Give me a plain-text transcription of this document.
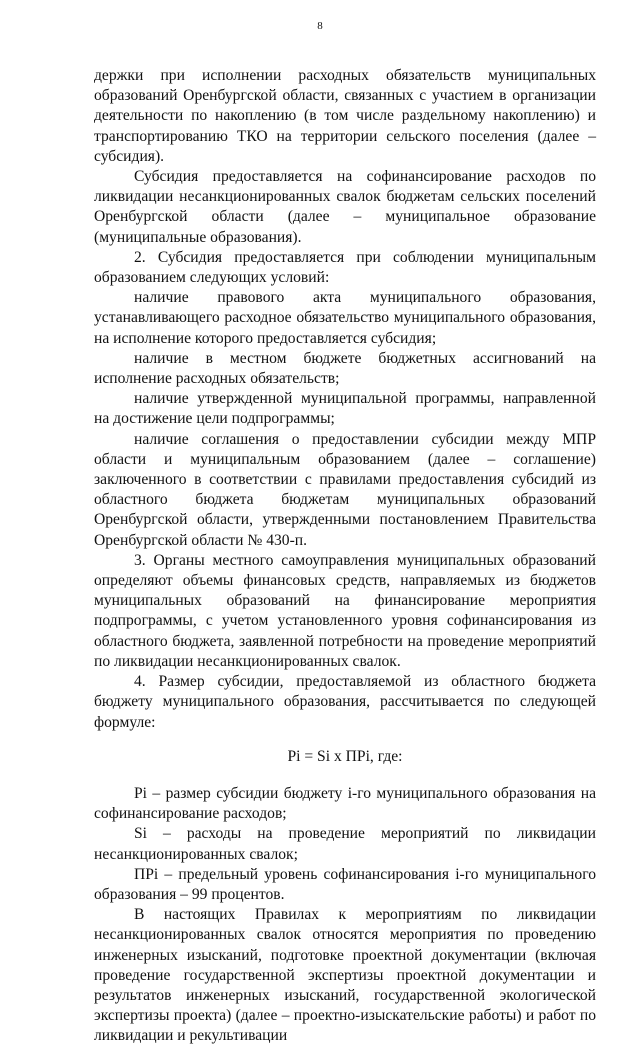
8

держки при исполнении расходных обязательств муниципальных образований Оренбургской области, связанных с участием в организации деятельности по накоплению (в том числе раздельному накоплению) и транспортированию ТКО на территории сельского поселения (далее – субсидия).

Субсидия предоставляется на софинансирование расходов по ликвидации несанкционированных свалок бюджетам сельских поселений Оренбургской области (далее – муниципальное образование (муниципальные образования).

2. Субсидия предоставляется при соблюдении муниципальным образованием следующих условий:

наличие правового акта муниципального образования, устанавливающего расходное обязательство муниципального образования, на исполнение которого предоставляется субсидия;

наличие в местном бюджете бюджетных ассигнований на исполнение расходных обязательств;

наличие утвержденной муниципальной программы, направленной на достижение цели подпрограммы;

наличие соглашения о предоставлении субсидии между МПР области и муниципальным образованием (далее – соглашение) заключенного в соответствии с правилами предоставления субсидий из областного бюджета бюджетам муниципальных образований Оренбургской области, утвержденными постановлением Правительства Оренбургской области № 430-п.

3. Органы местного самоуправления муниципальных образований определяют объемы финансовых средств, направляемых из бюджетов муниципальных образований на финансирование мероприятия подпрограммы, с учетом установленного уровня софинансирования из областного бюджета, заявленной потребности на проведение мероприятий по ликвидации несанкционированных свалок.

4. Размер субсидии, предоставляемой из областного бюджета бюджету муниципального образования, рассчитывается по следующей формуле:

Pi = Si x ПPi, где:

Pi – размер субсидии бюджету i-го муниципального образования на софинансирование расходов;

Si – расходы на проведение мероприятий по ликвидации несанкционированных свалок;

ПPi – предельный уровень софинансирования i-го муниципального образования – 99 процентов.

В настоящих Правилах к мероприятиям по ликвидации несанкционированных свалок относятся мероприятия по проведению инженерных изысканий, подготовке проектной документации (включая проведение государственной экспертизы проектной документации и результатов инженерных изысканий, государственной экологической экспертизы проекта) (далее – проектно-изыскательские работы) и работ по ликвидации и рекультивации
